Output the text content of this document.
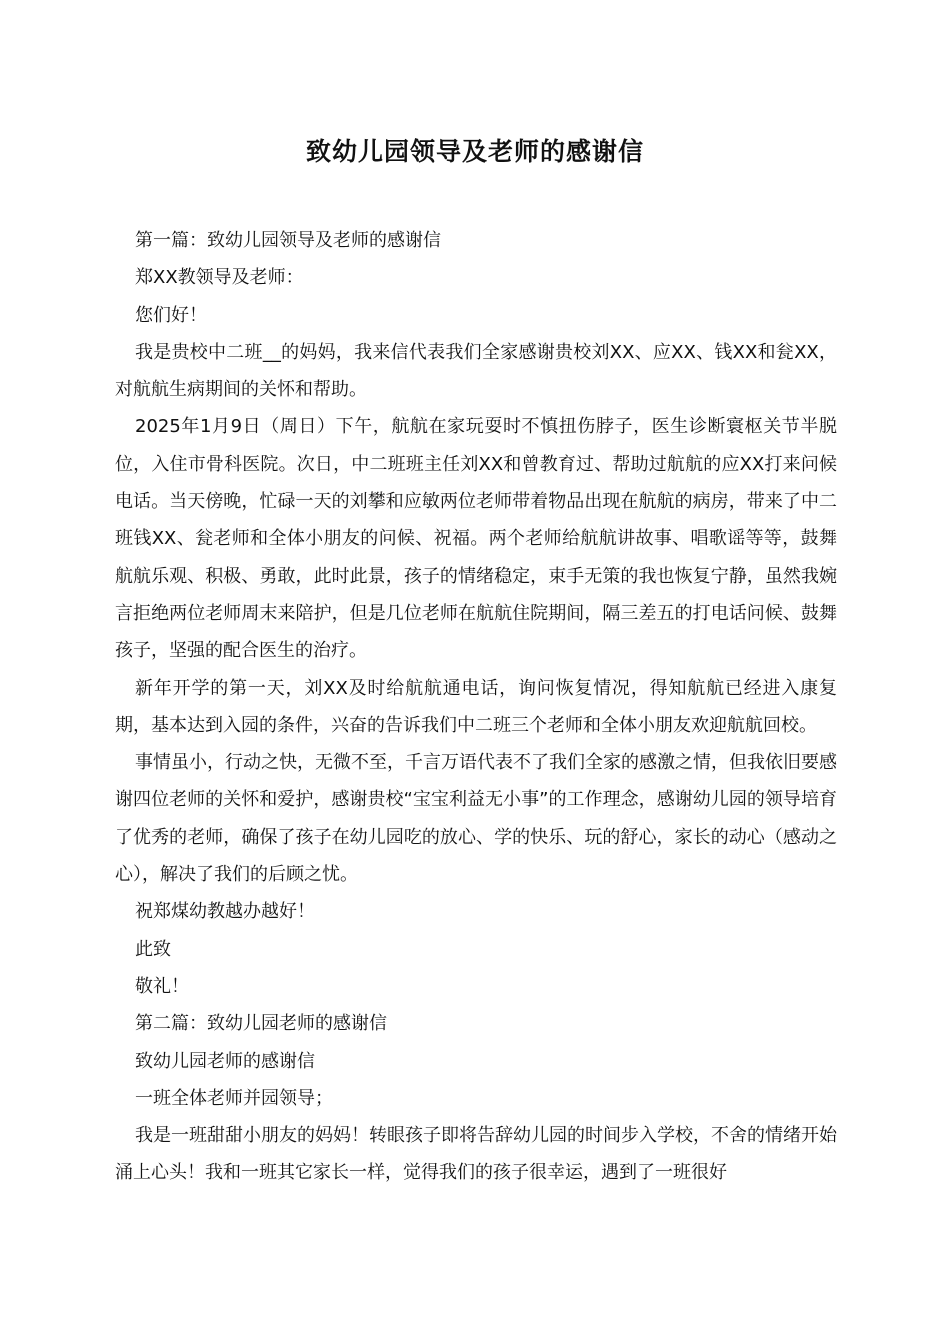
致幼儿园领导及老师的感谢信

第一篇：致幼儿园领导及老师的感谢信

郑XX教领导及老师：

您们好！

我是贵校中二班__的妈妈，我来信代表我们全家感谢贵校刘XX、应XX、钱XX和瓮XX，对航航生病期间的关怀和帮助。

2025年1月9日（周日）下午，航航在家玩耍时不慎扭伤脖子，医生诊断寰枢关节半脱位，入住市骨科医院。次日，中二班班主任刘XX和曾教育过、帮助过航航的应XX打来问候电话。当天傍晚，忙碌一天的刘攀和应敏两位老师带着物品出现在航航的病房，带来了中二班钱XX、瓮老师和全体小朋友的问候、祝福。两个老师给航航讲故事、唱歌谣等等，鼓舞航航乐观、积极、勇敢，此时此景，孩子的情绪稳定，束手无策的我也恢复宁静，虽然我婉言拒绝两位老师周末来陪护，但是几位老师在航航住院期间，隔三差五的打电话问候、鼓舞孩子，坚强的配合医生的治疗。

新年开学的第一天，刘XX及时给航航通电话，询问恢复情况，得知航航已经进入康复期，基本达到入园的条件，兴奋的告诉我们中二班三个老师和全体小朋友欢迎航航回校。

事情虽小，行动之快，无微不至，千言万语代表不了我们全家的感激之情，但我依旧要感谢四位老师的关怀和爱护，感谢贵校“宝宝利益无小事”的工作理念，感谢幼儿园的领导培育了优秀的老师，确保了孩子在幼儿园吃的放心、学的快乐、玩的舒心，家长的动心（感动之心），解决了我们的后顾之忧。

祝郑煤幼教越办越好！

此致

敬礼！

第二篇：致幼儿园老师的感谢信

致幼儿园老师的感谢信

一班全体老师并园领导；

我是一班甜甜小朋友的妈妈！转眼孩子即将告辞幼儿园的时间步入学校，不舍的情绪开始涌上心头！我和一班其它家长一样，觉得我们的孩子很幸运，遇到了一班很好
